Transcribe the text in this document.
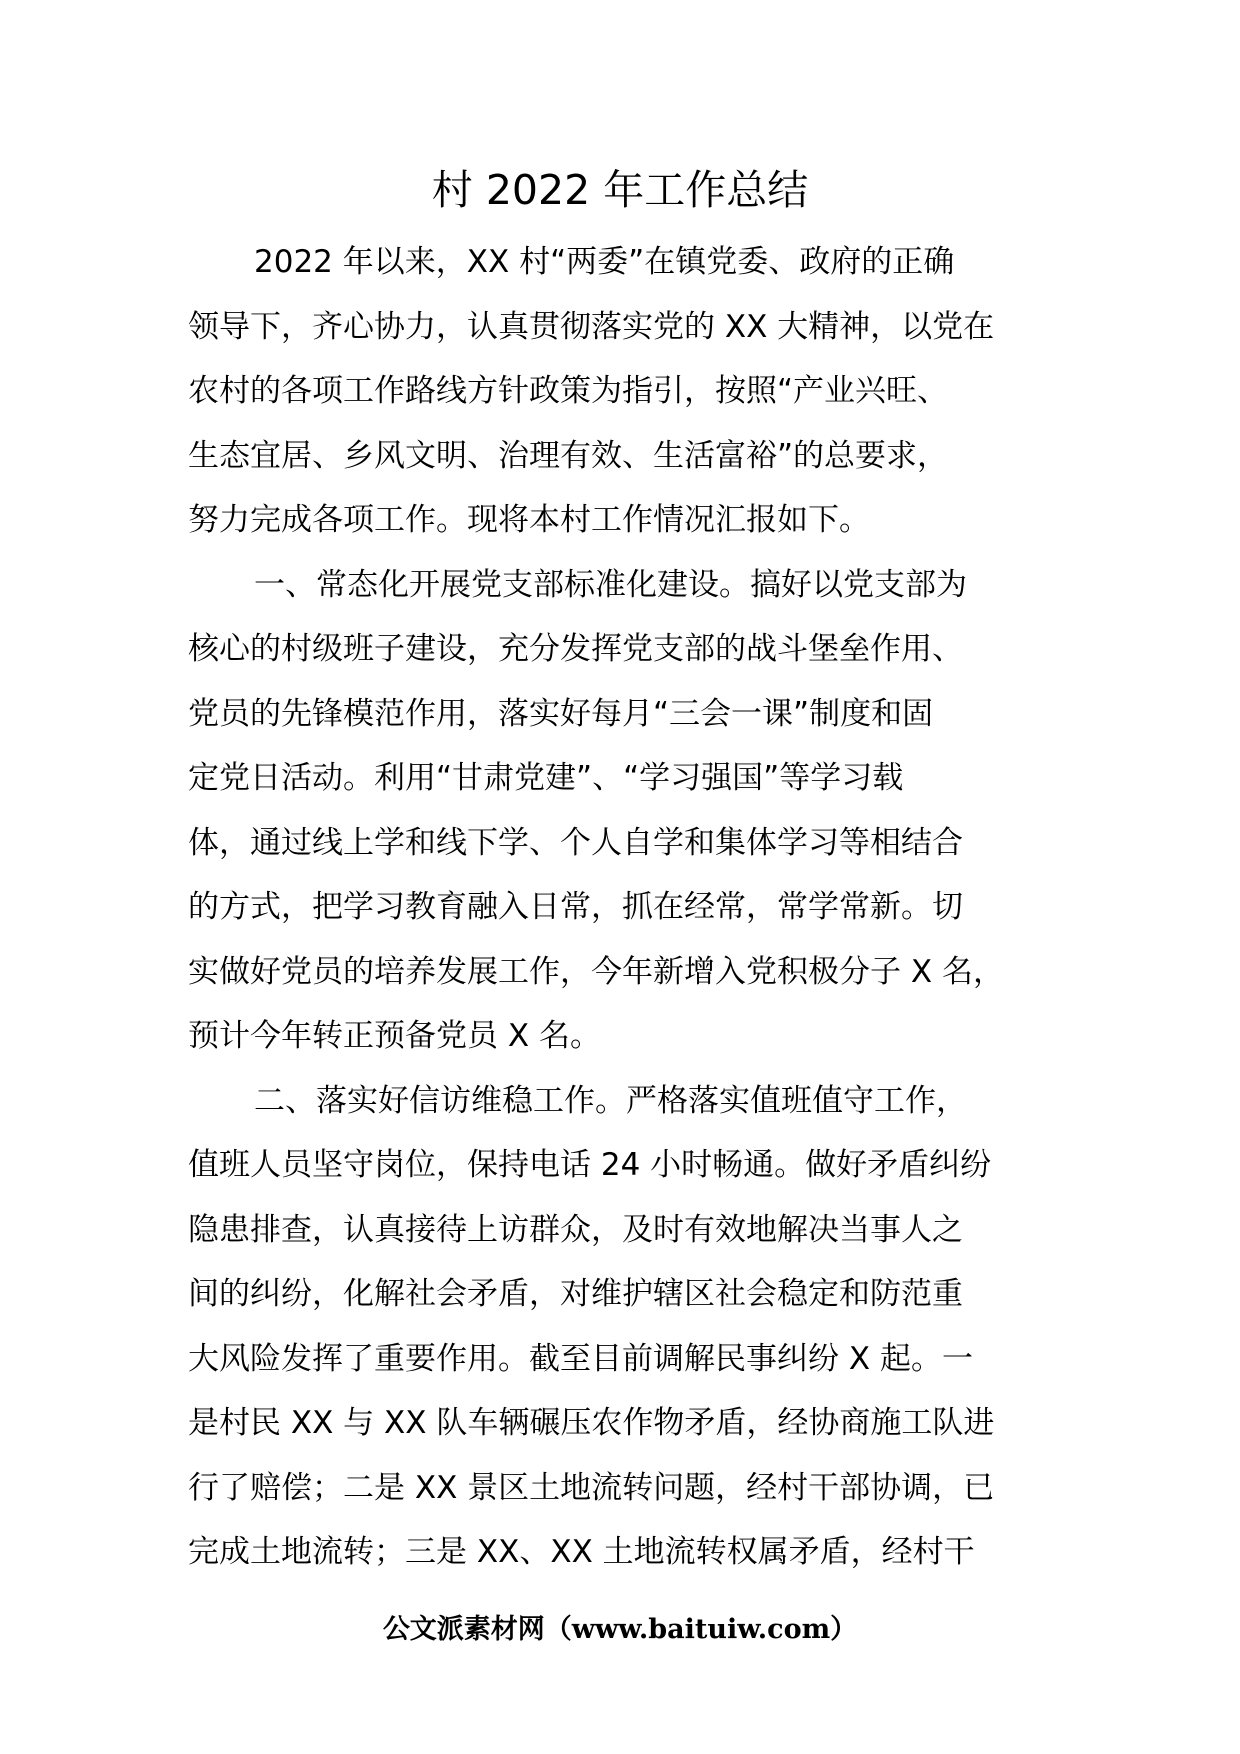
村 2022 年工作总结

2022 年以来，XX 村“两委”在镇党委、政府的正确
领导下，齐心协力，认真贯彻落实党的 XX 大精神，以党在
农村的各项工作路线方针政策为指引，按照“产业兴旺、
生态宜居、乡风文明、治理有效、生活富裕”的总要求，
努力完成各项工作。现将本村工作情况汇报如下。

一、常态化开展党支部标准化建设。搞好以党支部为
核心的村级班子建设，充分发挥党支部的战斗堡垒作用、
党员的先锋模范作用，落实好每月“三会一课”制度和固
定党日活动。利用“甘肃党建”、“学习强国”等学习载
体，通过线上学和线下学、个人自学和集体学习等相结合
的方式，把学习教育融入日常，抓在经常，常学常新。切
实做好党员的培养发展工作，今年新增入党积极分子 X 名，
预计今年转正预备党员 X 名。

二、落实好信访维稳工作。严格落实值班值守工作，
值班人员坚守岗位，保持电话 24 小时畅通。做好矛盾纠纷
隐患排查，认真接待上访群众，及时有效地解决当事人之
间的纠纷，化解社会矛盾，对维护辖区社会稳定和防范重
大风险发挥了重要作用。截至目前调解民事纠纷 X 起。一
是村民 XX 与 XX 队车辆碾压农作物矛盾，经协商施工队进
行了赔偿；二是 XX 景区土地流转问题，经村干部协调，已
完成土地流转；三是 XX、XX 土地流转权属矛盾，经村干

公文派素材网（www.baituiw.com）
